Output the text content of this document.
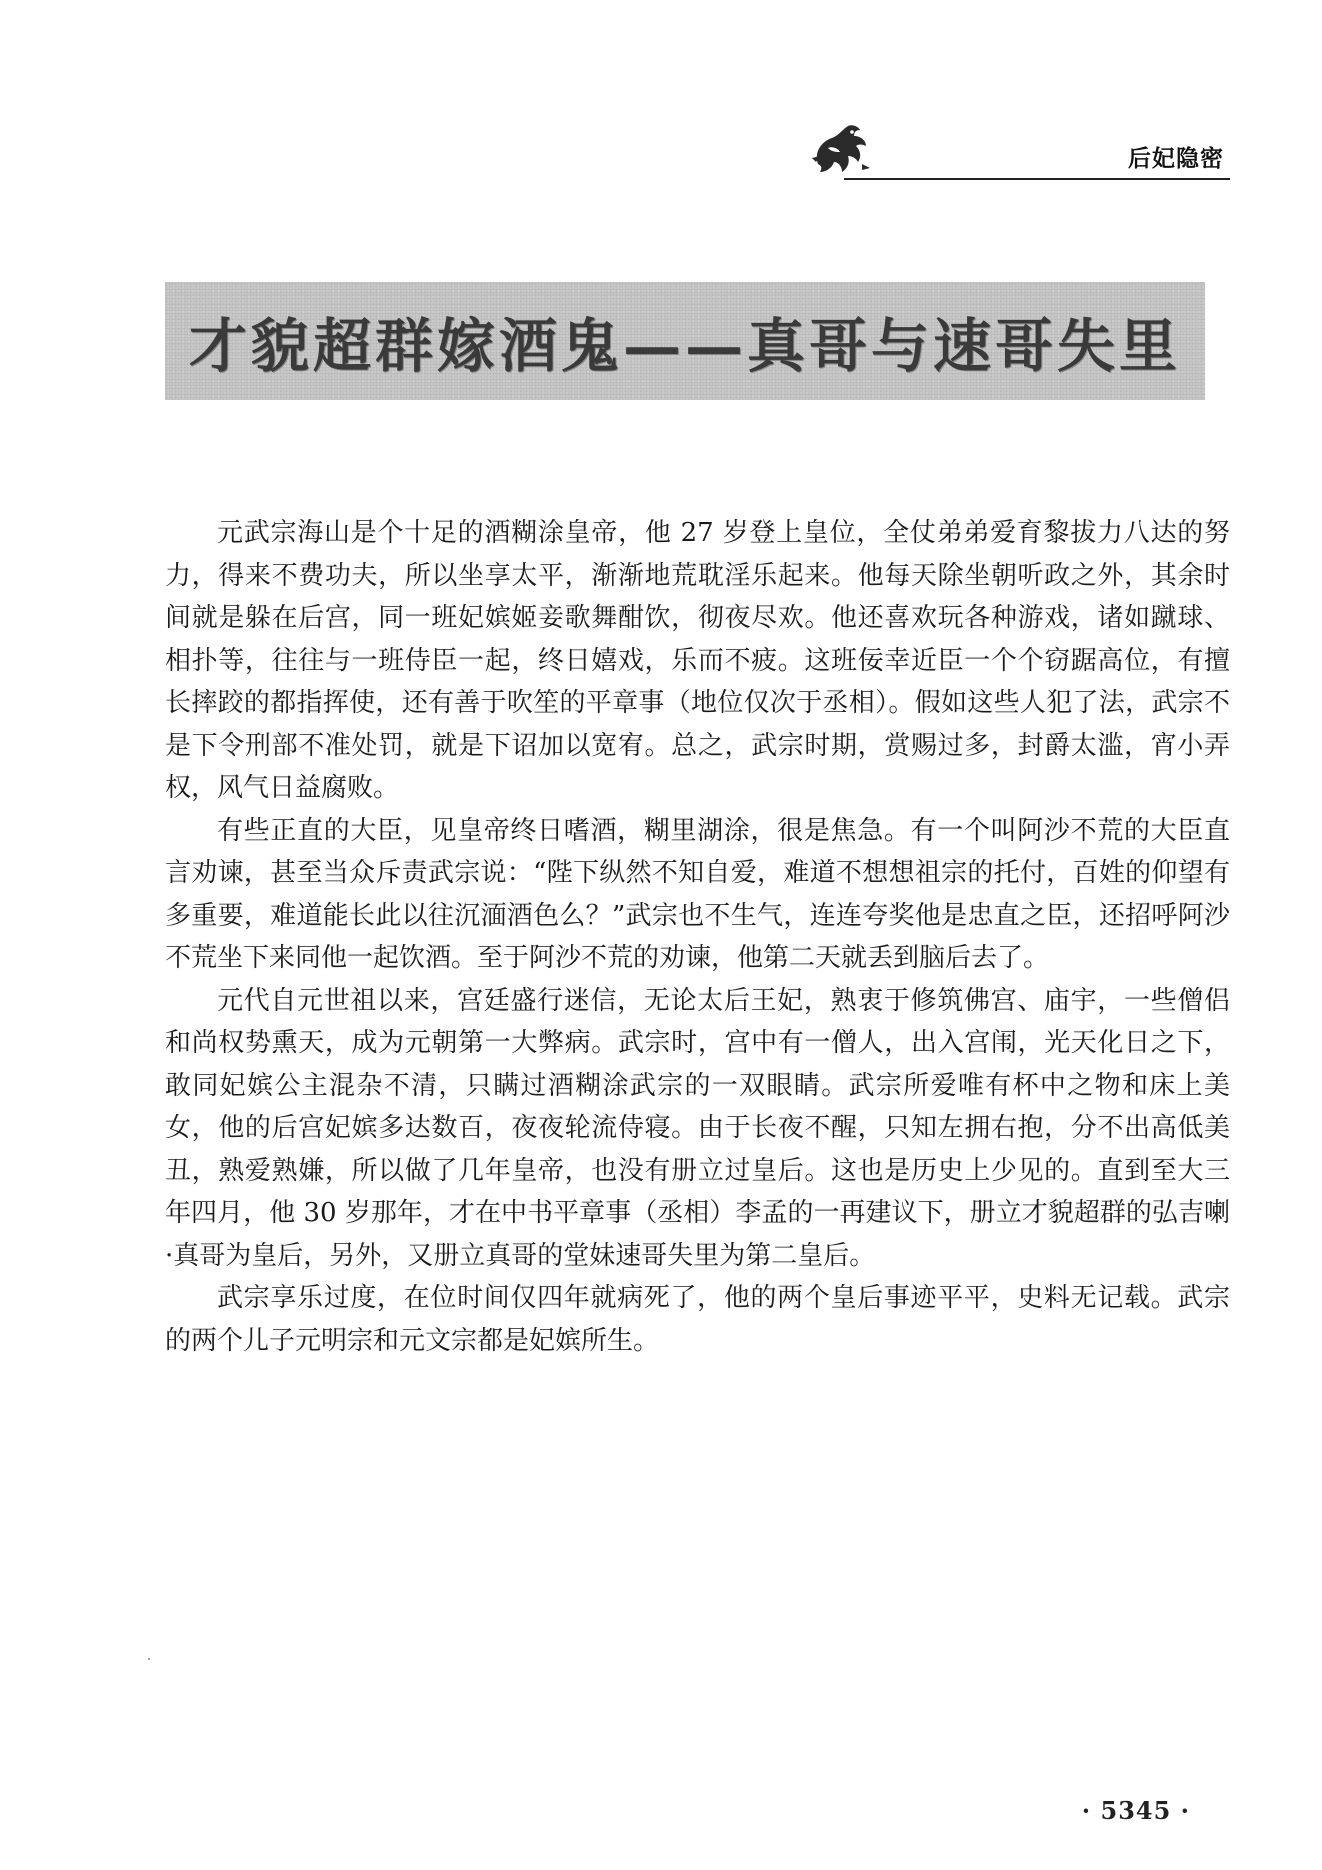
后妃隐密
才貌超群嫁酒鬼——真哥与速哥失里

元武宗海山是个十足的酒糊涂皇帝，他 27 岁登上皇位，全仗弟弟爱育黎拔力八达的努力，得来不费功夫，所以坐享太平，渐渐地荒耽淫乐起来。他每天除坐朝听政之外，其余时间就是躲在后宫，同一班妃嫔姬妾歌舞酣饮，彻夜尽欢。他还喜欢玩各种游戏，诸如蹴球、相扑等，往往与一班侍臣一起，终日嬉戏，乐而不疲。这班佞幸近臣一个个窃踞高位，有擅长摔跤的都指挥使，还有善于吹笙的平章事（地位仅次于丞相）。假如这些人犯了法，武宗不是下令刑部不准处罚，就是下诏加以宽宥。总之，武宗时期，赏赐过多，封爵太滥，宵小弄权，风气日益腐败。

有些正直的大臣，见皇帝终日嗜酒，糊里湖涂，很是焦急。有一个叫阿沙不荒的大臣直言劝谏，甚至当众斥责武宗说：“陛下纵然不知自爱，难道不想想祖宗的托付，百姓的仰望有多重要，难道能长此以往沉湎酒色么？”武宗也不生气，连连夸奖他是忠直之臣，还招呼阿沙不荒坐下来同他一起饮酒。至于阿沙不荒的劝谏，他第二天就丢到脑后去了。

元代自元世祖以来，宫廷盛行迷信，无论太后王妃，熟衷于修筑佛宫、庙宇，一些僧侣和尚权势熏天，成为元朝第一大弊病。武宗时，宫中有一僧人，出入宫闱，光天化日之下，敢同妃嫔公主混杂不清，只瞒过酒糊涂武宗的一双眼睛。武宗所爱唯有杯中之物和床上美女，他的后宫妃嫔多达数百，夜夜轮流侍寝。由于长夜不醒，只知左拥右抱，分不出高低美丑，熟爱熟嫌，所以做了几年皇帝，也没有册立过皇后。这也是历史上少见的。直到至大三年四月，他 30 岁那年，才在中书平章事（丞相）李孟的一再建议下，册立才貌超群的弘吉喇·真哥为皇后，另外，又册立真哥的堂妹速哥失里为第二皇后。

武宗享乐过度，在位时间仅四年就病死了，他的两个皇后事迹平平，史料无记载。武宗的两个儿子元明宗和元文宗都是妃嫔所生。

· 5345 ·
